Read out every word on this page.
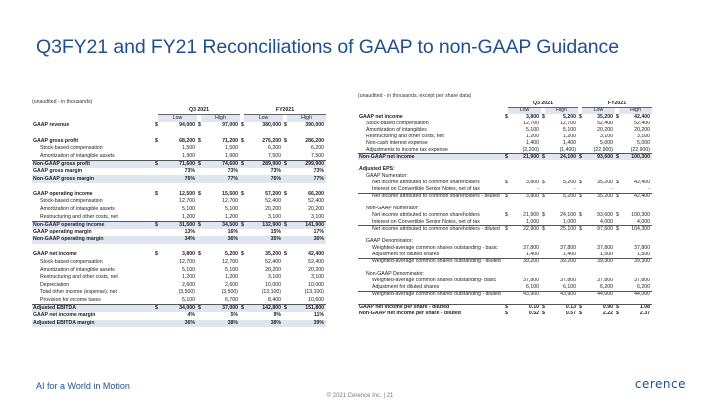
Q3FY21 and FY21 Reconciliations of GAAP to non-GAAP Guidance
(unaudited - in thousands)
Q3 2021	FY2021
Low	High	Low	High
GAAP revenue	$	94,000 $	97,000 $	380,000 $	390,000
GAAP gross profit	$	68,200 $	71,200 $	276,200 $	286,200
Stock-based compensation	1,500	1,500	6,200	6,200
Amortization of intangible assets	1,900	1,900	7,500	7,500
Non-GAAP gross profit	$	71,600 $	74,600 $	289,900 $	299,900
GAAP gross margin	73%	73%	73%	73%
Non-GAAP gross margin	76%	77%	76%	77%
GAAP operating income	$	12,500 $	15,500 $	57,200 $	66,200
Stock-based compensation	12,700	12,700	52,400	52,400
Amortization of intangible assets	5,100	5,100	20,200	20,200
Restructuring and other costs, net	1,200	1,200	3,100	3,100
Non-GAAP operating income	$	31,500 $	34,500 $	132,900 $	141,900
GAAP operating margin	13%	16%	15%	17%
Non-GAAP operating margin	34%	36%	35%	36%
GAAP net income	$	3,800 $	5,200 $	35,200 $	42,400
Stock-based compensation	12,700	12,700	52,400	52,400
Amortization of intangible assets	5,100	5,100	20,200	20,200
Restructuring and other costs, net	1,200	1,200	3,100	3,100
Depreciation	2,600	2,600	10,000	10,000
Total other income (expense), net	(3,500)	(3,500)	(13,100)	(13,100)
Provision for income taxes	5,100	6,700	8,400	10,600
Adjusted EBITDA	$	34,000 $	37,000 $	142,800 $	151,800
GAAP net income margin	4%	5%	9%	11%
Adjusted EBITDA margin	36%	38%	38%	39%
(unaudited - in thousands, except per share data)
Q3 2021	FY2021
Low	High	Low	High
GAAP net income	$	3,800 $	5,200 $	35,200 $	42,400
Stock-based compensation	12,700	12,700	52,400	52,400
Amortization of intangibles	5,100	5,100	20,200	20,200
Restructuring and other costs, net	1,200	1,200	3,100	3,100
Non-cash interest expense	1,400	1,400	5,000	5,000
Adjustments to income tax expense	(2,200)	(1,400)	(22,900)	(22,900)
Non-GAAP net income	$	21,900 $	24,100 $	93,600 $	100,300
Adjusted EPS:
GAAP Numerator:
Net income attributed to common shareholders	$	3,800 $	5,200 $	35,200 $	42,400
Interest on Convertible Senior Notes, net of tax	-	-	-	-
Net income attributed to common shareholders - diluted	$	3,800 $	5,200 $	35,200 $	42,400
Non-GAAP Numerator:
Net income attributed to common shareholders	$	21,900 $	24,100 $	93,600 $	100,300
Interest on Convertible Senior Notes, net of tax	1,000	1,000	4,000	4,000
Net income attributed to common shareholders - diluted	$	22,900 $	25,100 $	97,600 $	104,300
GAAP Denominator:
Weighted-average common shares outstanding - basic	37,800	37,800	37,800	37,800
Adjustment for diluted shares	1,400	1,400	1,500	1,500
Weighted-average common shares outstanding - diluted	39,200	39,200	39,300	39,300
Non-GAAP Denominator:
Weighted-average common shares outstanding- basic	37,800	37,800	37,800	37,800
Adjustment for diluted shares	6,100	6,100	6,200	6,200
Weighted-average common shares outstanding - diluted	43,900	43,900	44,000	44,000
GAAP net income per share - diluted	$	0.10 $	0.13 $	0.90 $	1.08
Non-GAAP net income per share - diluted	$	0.52 $	0.57 $	2.22 $	2.37
AI for a World in Motion
© 2021 Cerence Inc. | 21
cerence
